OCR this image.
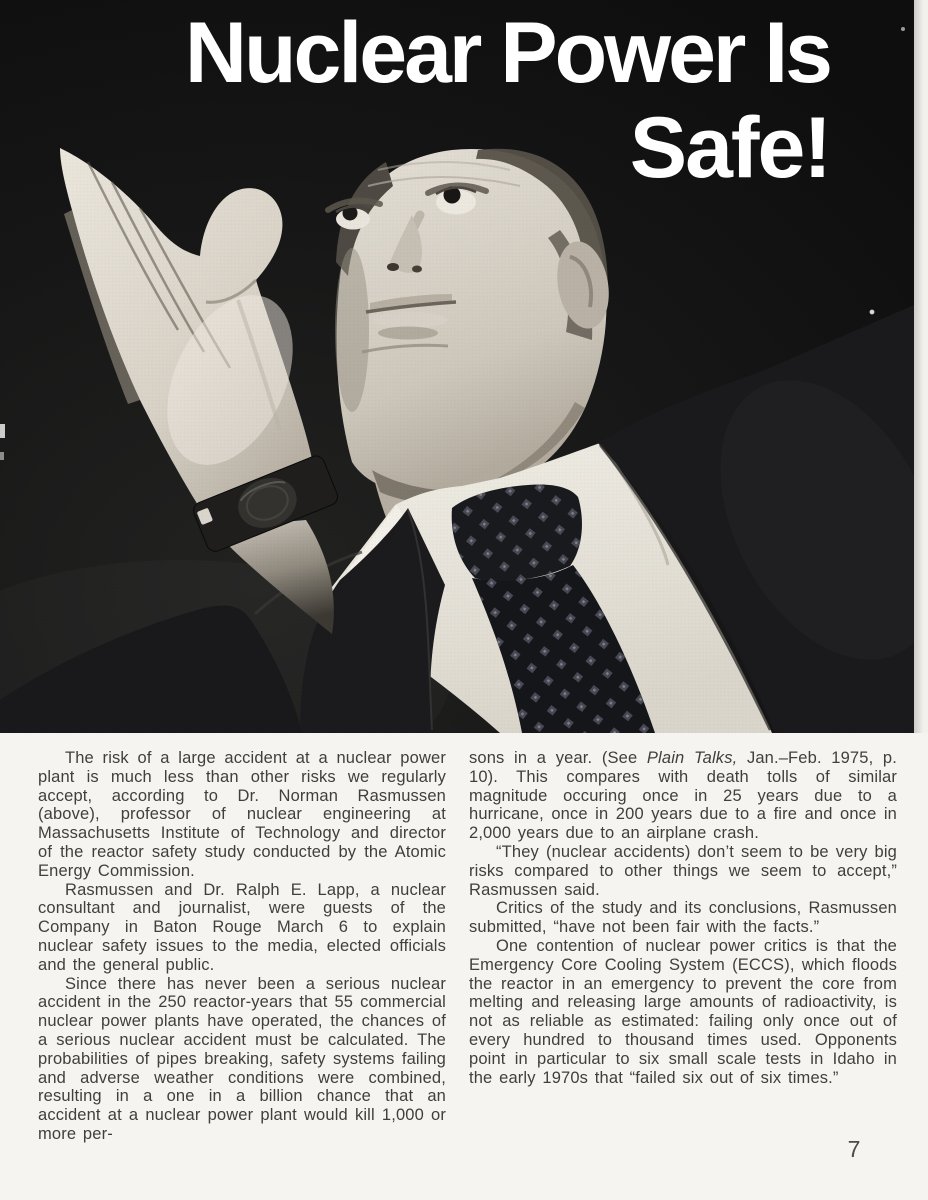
Nuclear Power Is
Safe!

The risk of a large accident at a nuclear power plant is much less than other risks we regularly accept, according to Dr. Norman Rasmussen (above), professor of nuclear engineering at Massachusetts Institute of Technology and director of the reactor safety study conducted by the Atomic Energy Commission.

Rasmussen and Dr. Ralph E. Lapp, a nuclear consultant and journalist, were guests of the Company in Baton Rouge March 6 to explain nuclear safety issues to the media, elected officials and the general public.

Since there has never been a serious nuclear accident in the 250 reactor-years that 55 commercial nuclear power plants have operated, the chances of a serious nuclear accident must be calculated. The probabilities of pipes breaking, safety systems failing and adverse weather conditions were combined, resulting in a one in a billion chance that an accident at a nuclear power plant would kill 1,000 or more per-

sons in a year. (See Plain Talks, Jan.–Feb. 1975, p. 10). This compares with death tolls of similar magnitude occuring once in 25 years due to a hurricane, once in 200 years due to a fire and once in 2,000 years due to an airplane crash.

“They (nuclear accidents) don’t seem to be very big risks compared to other things we seem to accept,” Rasmussen said.

Critics of the study and its conclusions, Rasmussen submitted, “have not been fair with the facts.”

One contention of nuclear power critics is that the Emergency Core Cooling System (ECCS), which floods the reactor in an emergency to prevent the core from melting and releasing large amounts of radioactivity, is not as reliable as estimated: failing only once out of every hundred to thousand times used. Opponents point in particular to six small scale tests in Idaho in the early 1970s that “failed six out of six times.”

7
